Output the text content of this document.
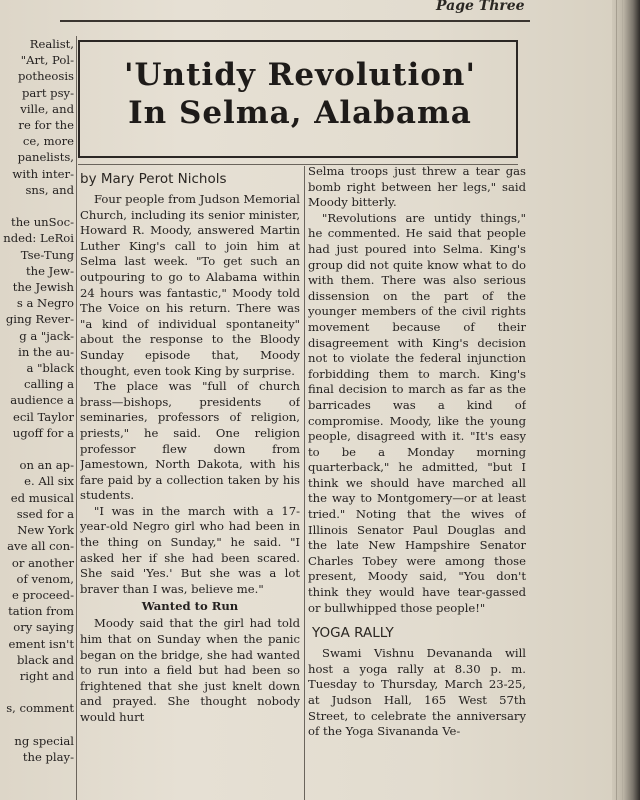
Page Three
Realist,
"Art, Pol-
potheosis
part psy-
ville, and
re for the
ce, more
panelists,
with inter-
sns, and

the unSoc-
nded: LeRoi
Tse-Tung
the Jew-
the Jewish
s a Negro
ging Rever-
g a "jack-
in the au-
a "black
calling a
audience a
ecil Taylor
ugoff for a

on an ap-
e. All six
ed musical
ssed for a
New York
ave all con-
or another
of venom,
e proceed-
tation from
ory saying
ement isn't
black and
right and

s, comment

ng special
the play-
'Untidy Revolution'
In Selma, Alabama
by Mary Perot Nichols

Four people from Judson Memorial Church, including its senior minister, Howard R. Moody, answered Martin Luther King's call to join him at Selma last week. "To get such an outpouring to go to Alabama within 24 hours was fantastic," Moody told The Voice on his return. There was "a kind of individual spontaneity" about the response to the Bloody Sunday episode that, Moody thought, even took King by surprise.

The place was "full of church brass—bishops, presidents of seminaries, professors of religion, priests," he said. One religion professor flew down from Jamestown, North Dakota, with his fare paid by a collection taken by his students.

"I was in the march with a 17-year-old Negro girl who had been in the thing on Sunday," he said. "I asked her if she had been scared. She said 'Yes.' But she was a lot braver than I was, believe me."

Wanted to Run

Moody said that the girl had told him that on Sunday when the panic began on the bridge, she had wanted to run into a field but had been so frightened that she just knelt down and prayed. She thought nobody would hurt

Selma troops just threw a tear gas bomb right between her legs," said Moody bitterly.

"Revolutions are untidy things," he commented. He said that people had just poured into Selma. King's group did not quite know what to do with them. There was also serious dissension on the part of the younger members of the civil rights movement because of their disagreement with King's decision not to violate the federal injunction forbidding them to march. King's final decision to march as far as the barricades was a kind of compromise. Moody, like the young people, disagreed with it. "It's easy to be a Monday morning quarterback," he admitted, "but I think we should have marched all the way to Montgomery—or at least tried." Noting that the wives of Illinois Senator Paul Douglas and the late New Hampshire Senator Charles Tobey were among those present, Moody said, "You don't think they would have tear-gassed or bullwhipped those people!"

YOGA RALLY

Swami Vishnu Devananda will host a yoga rally at 8.30 p. m. Tuesday to Thursday, March 23-25, at Judson Hall, 165 West 57th Street, to celebrate the anniversary of the Yoga Sivananda Ve-
